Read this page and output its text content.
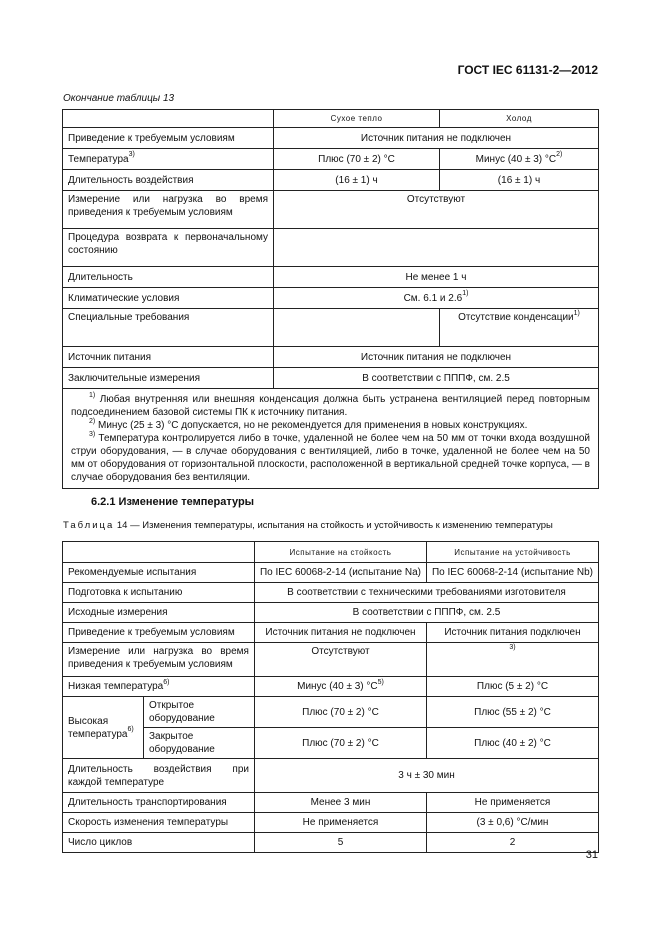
ГОСТ IEC 61131-2—2012
Окончание таблицы 13
	Сухое тепло	Холод
Приведение к требуемым условиям	Источник питания не подключен	
Температура$^{3)}$	Плюс (70 ± 2) °С	Минус (40 ± 3) $^\circ С^{2)}$
Длительность воздействия	(16 ± 1) ч	(16 ± 1) ч
Измерение или нагрузка во время приведения к требуемым условиям	Отсутствуют	
Процедура возврата к первоначальному состоянию		
Длительность	Не менее 1 ч	
Климатические условия	См. 6.1 и 2.6$^{1)}$
Специальные требования		Отсутствие конденсации$^{1)}$
Источник питания	Источник питания не подключен	
Заключительные измерения	В соответствии с ПППФ, см. 2.5	

$^{1)}$ Любая внутренняя или внешняя конденсация должна быть устранена вентиляцией перед повторным подсоединением базовой системы ПК к источнику питания.

$^{2)}$ Минус (25 ± 3) °С допускается, но не рекомендуется для применения в новых конструкциях.

$^{3)}$ Температура контролируется либо в точке, удаленной не более чем на 50 мм от точки входа воздушной струи оборудования, — в случае оборудования с вентиляцией, либо в точке, удаленной не более чем на 50 мм от оборудования от горизонтальной плоскости, расположенной в вертикальной средней точке корпуса, — в случае оборудования без вентиляции.		

6.2.1 Изменение температуры
Таблица 14 — Изменения температуры, испытания на стойкость и устойчивость к изменению температуры
		Испытание на стойкость	Испытание на устойчивость
Рекомендуемые испытания		По IEC 60068-2-14 (испытание Na)	По IEC 60068-2-14 (испытание Nb)
Подготовка к испытанию		В соответствии с техническими требованиями изготовителя	
Исходные измерения		В соответствии с ПППФ, см. 2.5	
Приведение к требуемым условиям		Источник питания не подключен	Источник питания подключен
Измерение или нагрузка во время приведения к требуемым условиям		Отсутствуют	$^{3)}$
Низкая температура$^{6)}$		Минус (40 ± 3) $^\circ С^{5)}$	Плюс (5 ± 2) °С
Высокая температура$^{6)}$	Открытое оборудование	Плюс (70 ± 2) °С	Плюс (55 ± 2) °С
	Закрытое оборудование	Плюс (70 ± 2) °С	Плюс (40 ± 2) °С
Длительность воздействия при каждой температуре		3 ч ± 30 мин	
Длительность транспортирования		Менее 3 мин	Не применяется
Скорость изменения температуры		Не применяется	(3 ± 0,6) °С/мин
Число циклов		5	2
31
